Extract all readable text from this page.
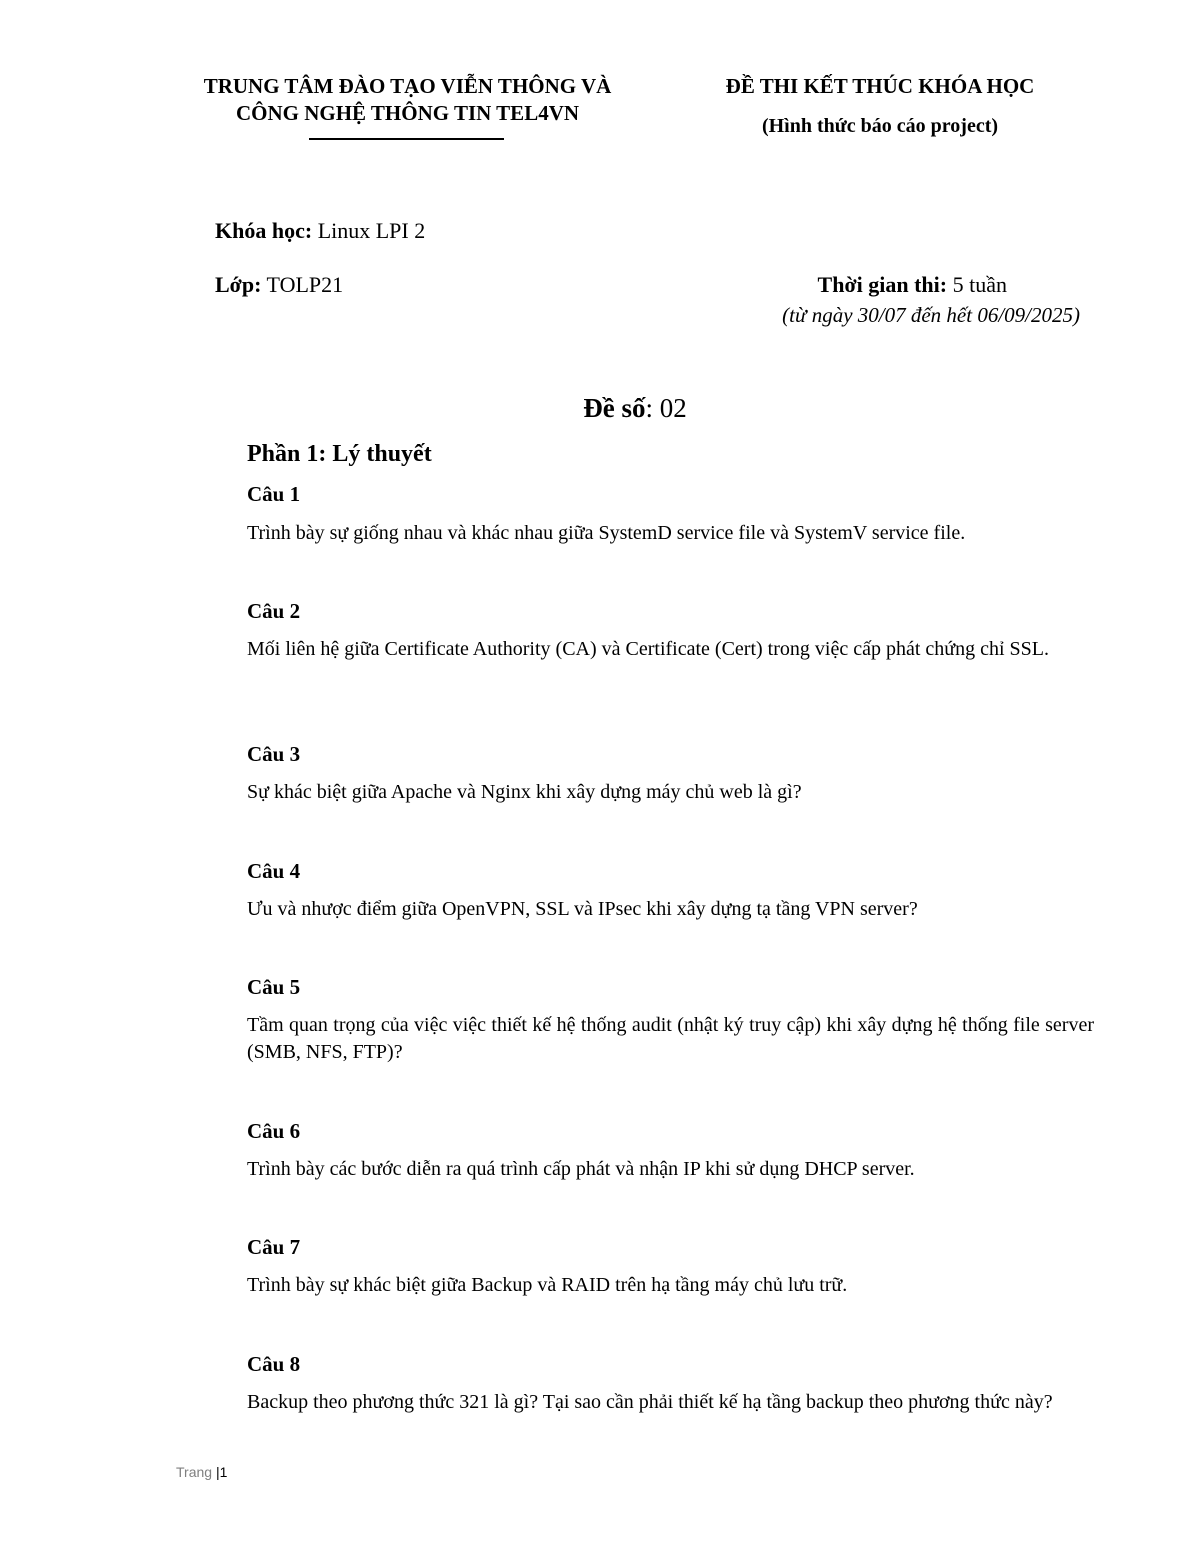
TRUNG TÂM ĐÀO TẠO VIỄN THÔNG VÀ
CÔNG NGHỆ THÔNG TIN TEL4VN
ĐỀ THI KẾT THÚC KHÓA HỌC
(Hình thức báo cáo project)
Khóa học: Linux LPI 2
Lớp: TOLP21	Thời gian thi: 5 tuần
(từ ngày 30/07 đến hết 06/09/2025)
Đề số: 02
Phần 1: Lý thuyết
Câu 1
Trình bày sự giống nhau và khác nhau giữa SystemD service file và SystemV service file.
Câu 2
Mối liên hệ giữa Certificate Authority (CA) và Certificate (Cert) trong việc cấp phát chứng chỉ SSL.
Câu 3
Sự khác biệt giữa Apache và Nginx khi xây dựng máy chủ web là gì?
Câu 4
Ưu và nhược điểm giữa OpenVPN, SSL và IPsec khi xây dựng tạ tầng VPN server?
Câu 5
Tầm quan trọng của việc việc thiết kế hệ thống audit (nhật ký truy cập) khi xây dựng hệ thống file server (SMB, NFS, FTP)?
Câu 6
Trình bày các bước diễn ra quá trình cấp phát và nhận IP khi sử dụng DHCP server.
Câu 7
Trình bày sự khác biệt giữa Backup và RAID trên hạ tầng máy chủ lưu trữ.
Câu 8
Backup theo phương thức 321 là gì? Tại sao cần phải thiết kế hạ tầng backup theo phương thức này?
Trang |1
